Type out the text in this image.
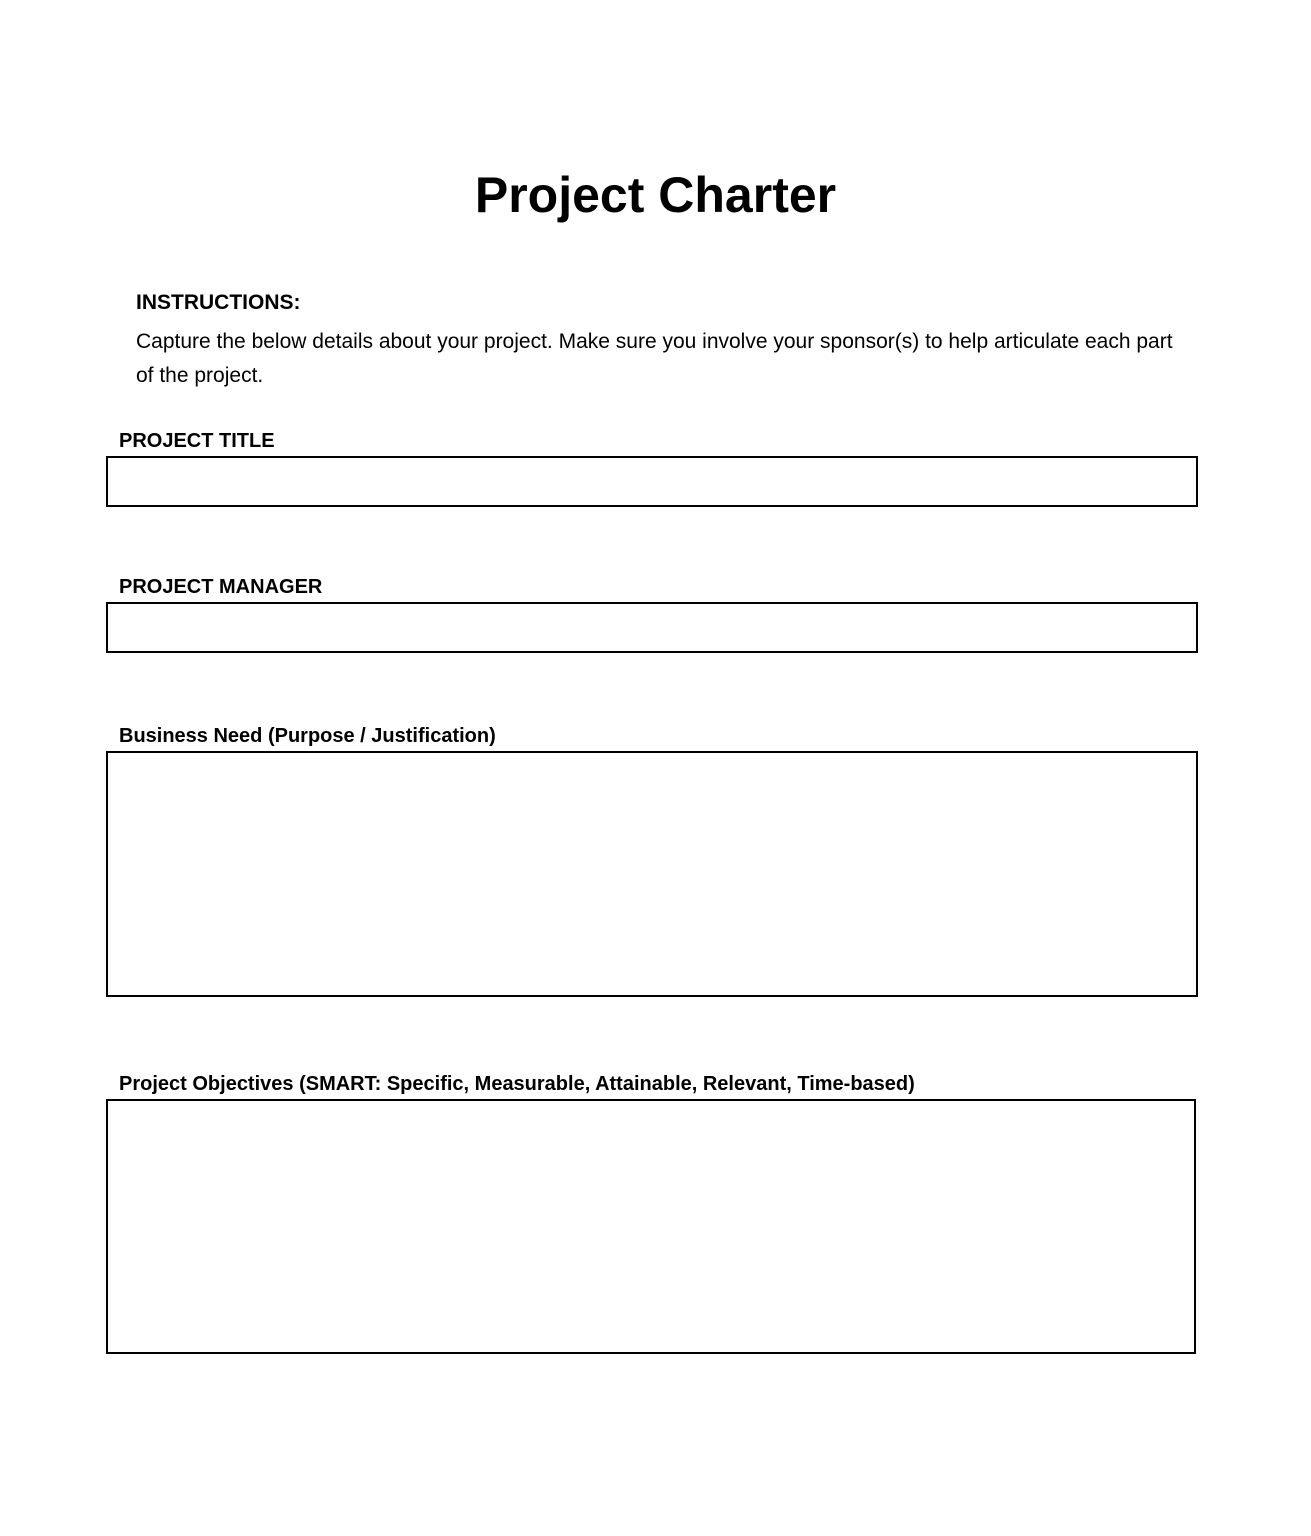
Project Charter
INSTRUCTIONS:

Capture the below details about your project. Make sure you involve your sponsor(s) to help articulate each part of the project.

PROJECT TITLE
PROJECT MANAGER
Business Need (Purpose / Justification)
Project Objectives (SMART: Specific, Measurable, Attainable, Relevant, Time-based)
